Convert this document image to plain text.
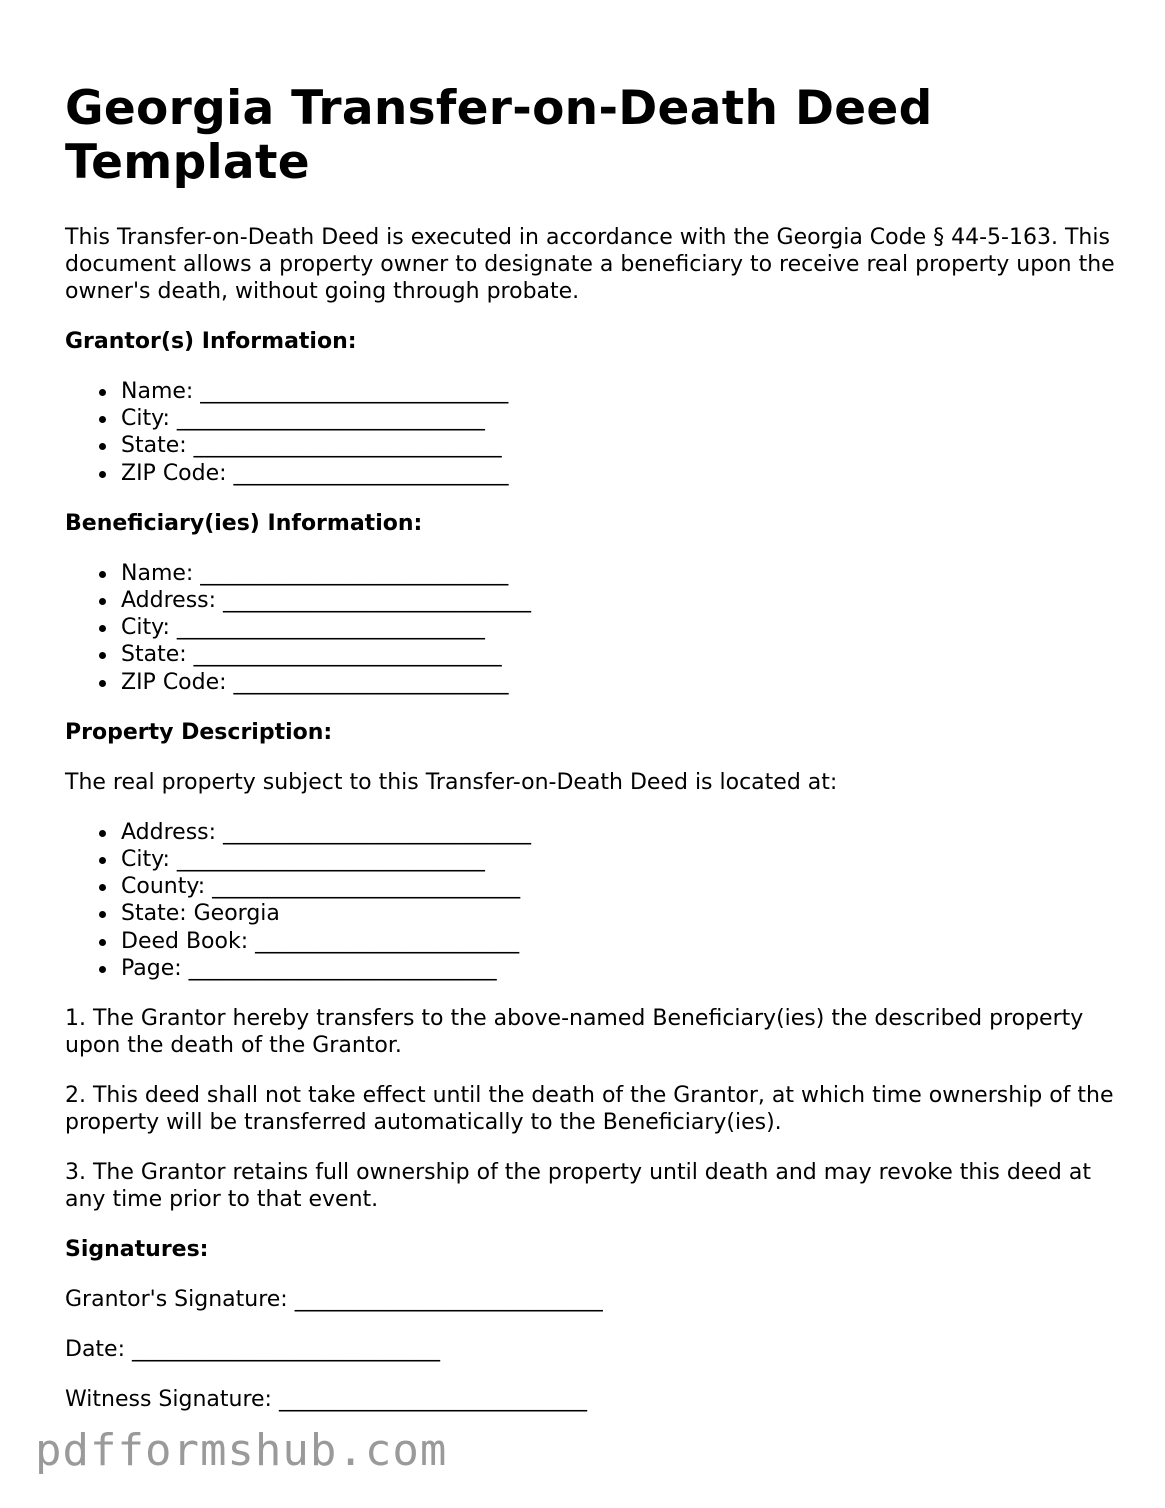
Georgia Transfer-on-Death Deed Template

This Transfer-on-Death Deed is executed in accordance with the Georgia Code § 44-5-163. This document allows a property owner to designate a beneficiary to receive real property upon the owner's death, without going through probate.

Grantor(s) Information:
Name: ____________________________
City: ____________________________
State: ____________________________
ZIP Code: _________________________
Beneficiary(ies) Information:
Name: ____________________________
Address: ____________________________
City: ____________________________
State: ____________________________
ZIP Code: _________________________
Property Description:

The real property subject to this Transfer-on-Death Deed is located at:

Address: ____________________________
City: ____________________________
County: ____________________________
State: Georgia
Deed Book: ________________________
Page: ____________________________

1. The Grantor hereby transfers to the above-named Beneficiary(ies) the described property upon the death of the Grantor.

2. This deed shall not take effect until the death of the Grantor, at which time ownership of the property will be transferred automatically to the Beneficiary(ies).

3. The Grantor retains full ownership of the property until death and may revoke this deed at any time prior to that event.

Signatures:

Grantor's Signature: ____________________________

Date: ____________________________

Witness Signature: ____________________________

pdfformshub.com
